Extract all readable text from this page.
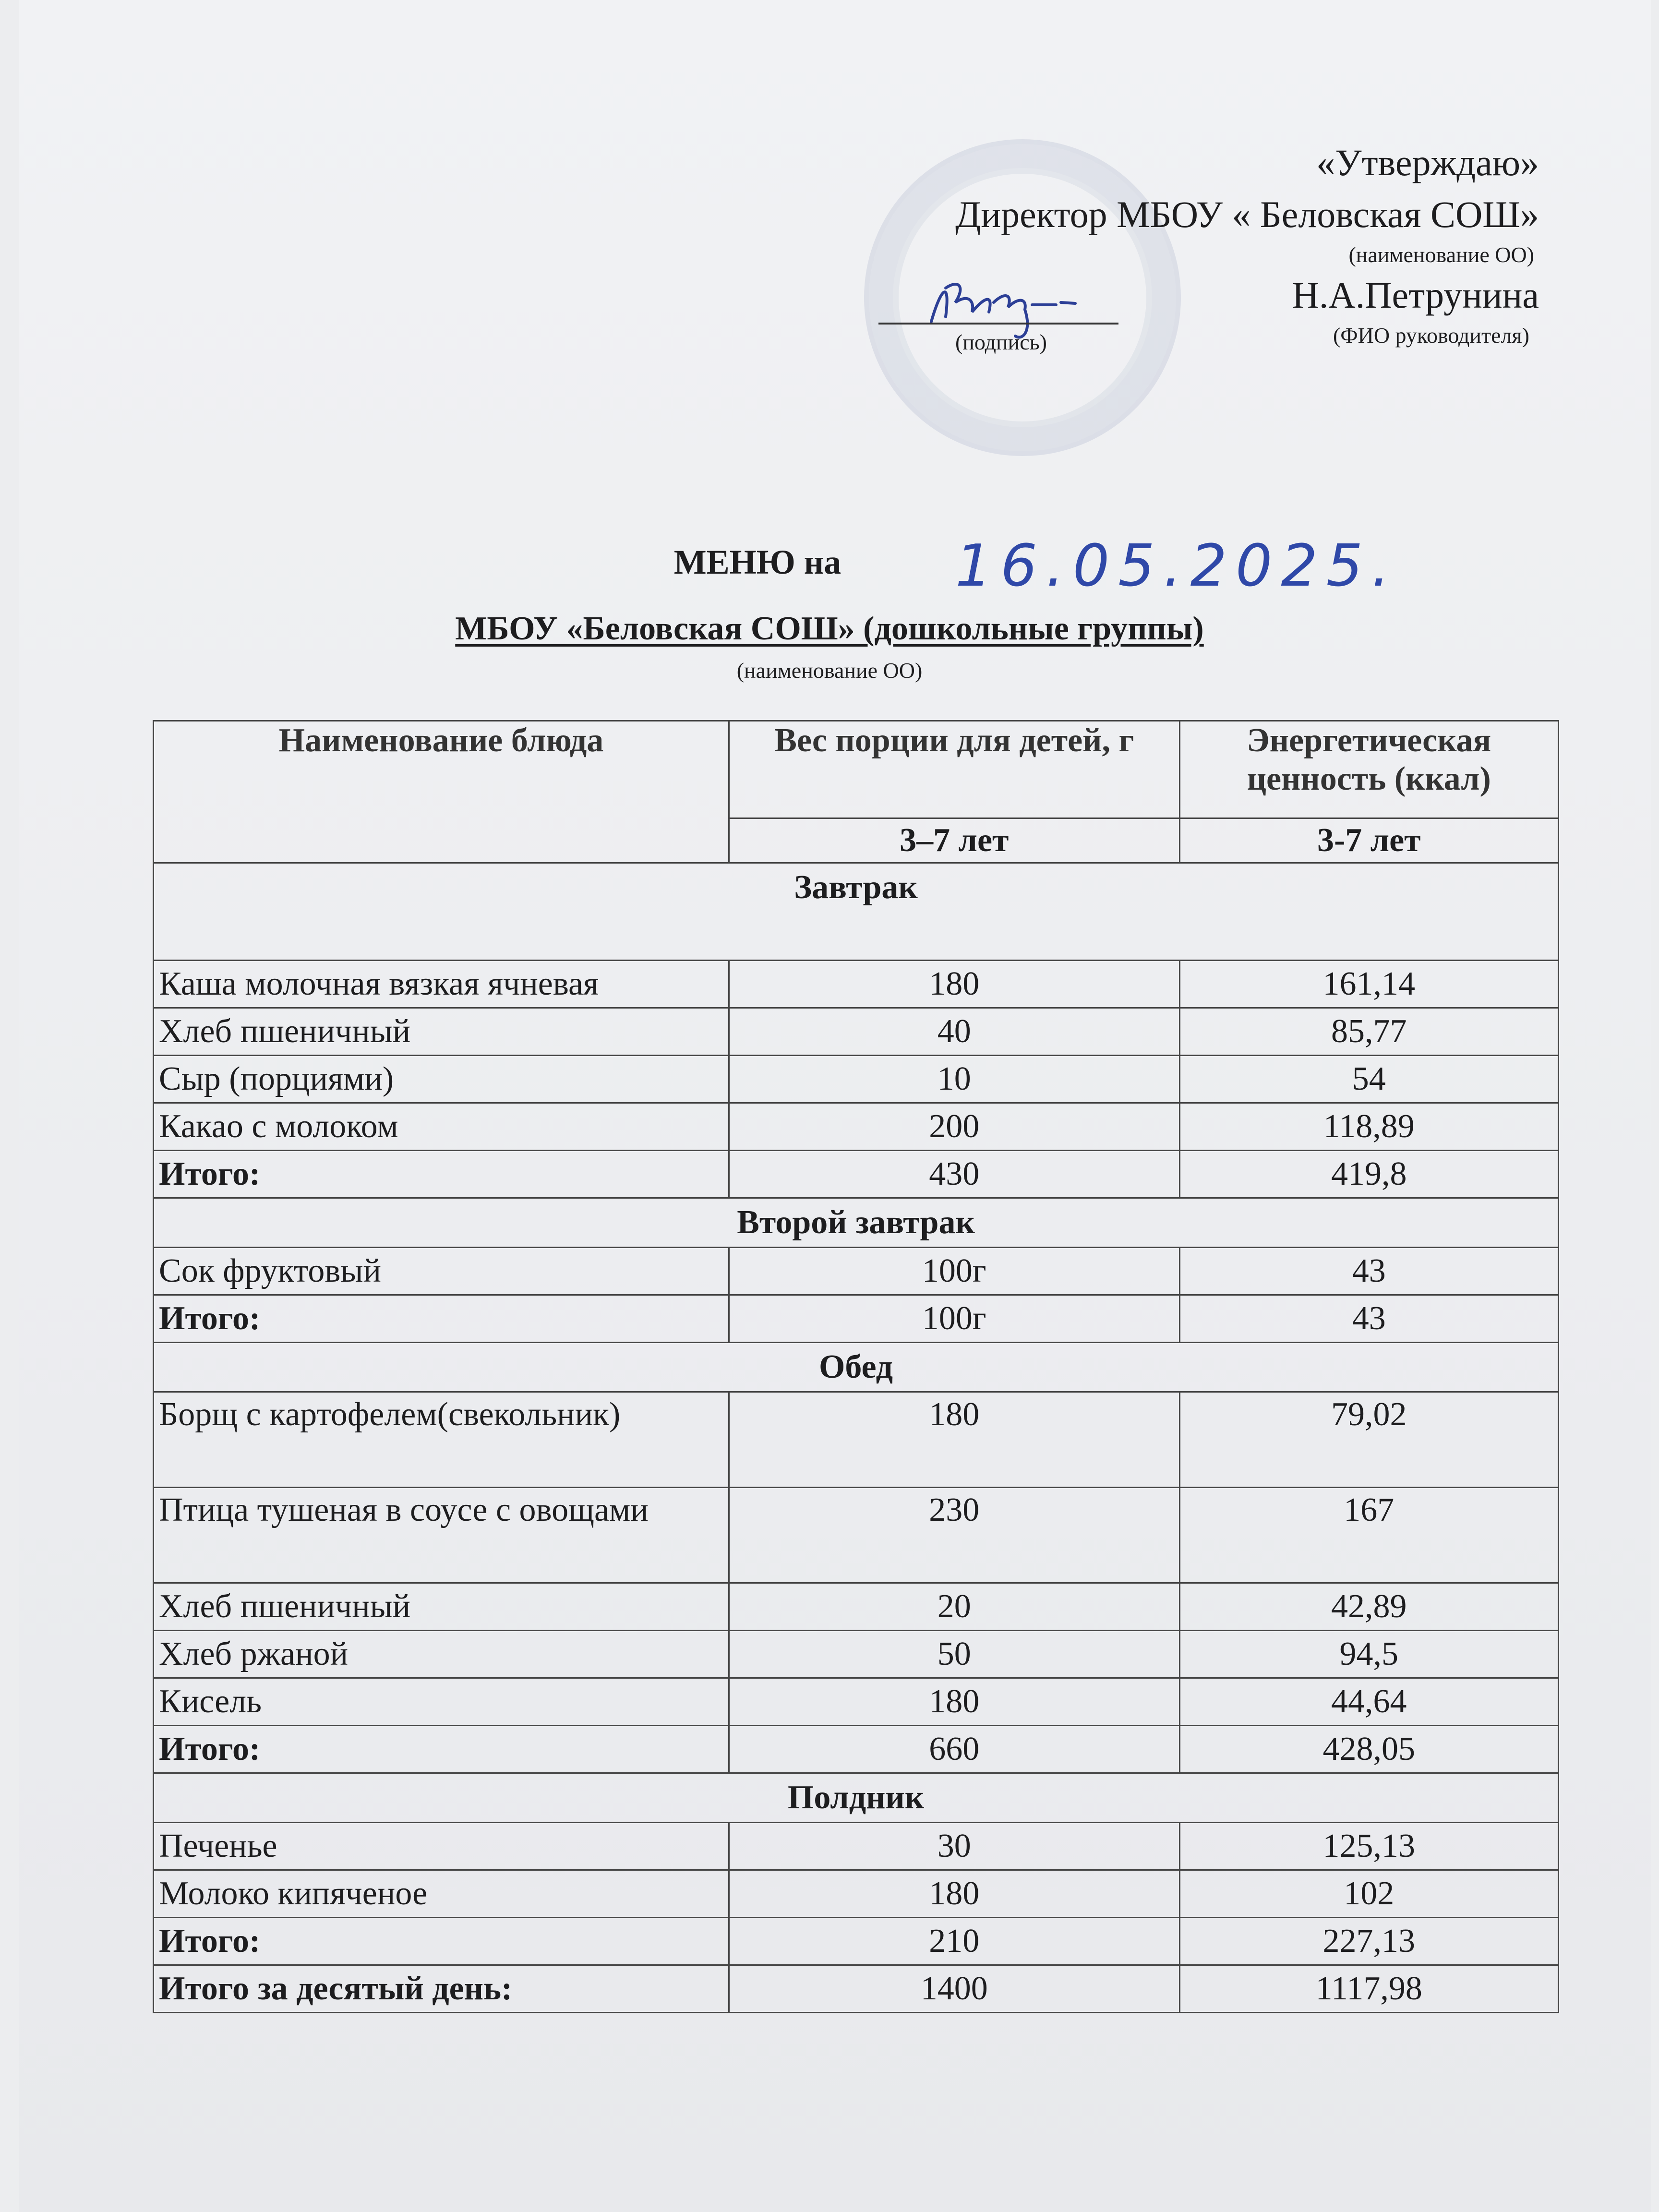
«Утверждаю»
Директор МБОУ « Беловская СОШ»
(наименование ОО)
Н.А.Петрунина
(ФИО руководителя)
(подпись)
МЕНЮ на	16.05.2025.
МБОУ «Беловская СОШ» (дошкольные группы)
(наименование ОО)
Наименование блюда	Вес порции для детей, г	Энергетическая ценность (ккал)
	3–7 лет	3-7 лет
Завтрак		
Каша молочная вязкая ячневая	180	161,14
Хлеб пшеничный	40	85,77
Сыр (порциями)	10	54
Какао с молоком	200	118,89
Итого:	430	419,8
Второй завтрак		
Сок фруктовый	100г	43
Итого:	100г	43
Обед		
Борщ с картофелем(свекольник)	180	79,02
Птица тушеная в соусе с овощами	230	167
Хлеб пшеничный	20	42,89
Хлеб ржаной	50	94,5
Кисель	180	44,64
Итого:	660	428,05
Полдник		
Печенье	30	125,13
Молоко кипяченое	180	102
Итого:	210	227,13
Итого за десятый день:	1400	1117,98
